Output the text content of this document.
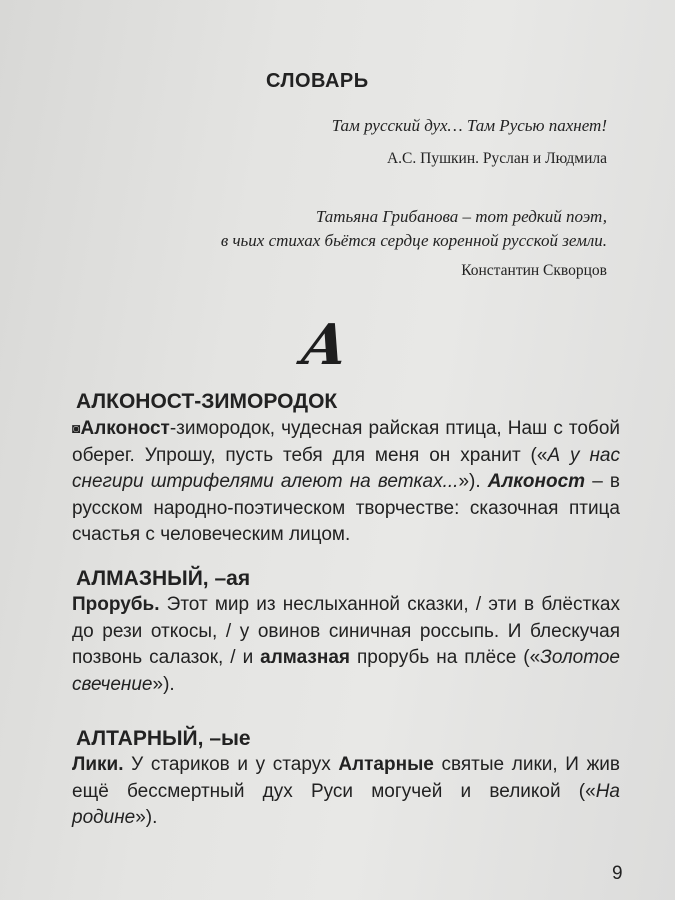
СЛОВАРЬ
Там русский дух… Там Русью пахнет!
А.С. Пушкин. Руслан и Людмила
Татьяна Грибанова – тот редкий поэт,
в чьих стихах бьётся сердце коренной русской земли.
Константин Скворцов
А
АЛКОНОСТ-ЗИМОРОДОК
◙Алконост-зимородок, чудесная райская птица, Наш с тобой оберег. Упрошу, пусть тебя для меня он хранит («А у нас снегири штрифелями алеют на ветках...»). Алконост – в русском народно-поэтическом творчестве: сказочная птица счастья с человеческим лицом.
АЛМАЗНЫЙ, –ая
Прорубь. Этот мир из неслыханной сказки, / эти в блёстках до рези откосы, / у овинов синичная россыпь. И блескучая позвонь салазок, / и алмазная прорубь на плёсе («Золотое свечение»).
АЛТАРНЫЙ, –ые
Лики. У стариков и у старух Алтарные святые лики, И жив ещё бессмертный дух Руси могучей и великой («На родине»).
9
